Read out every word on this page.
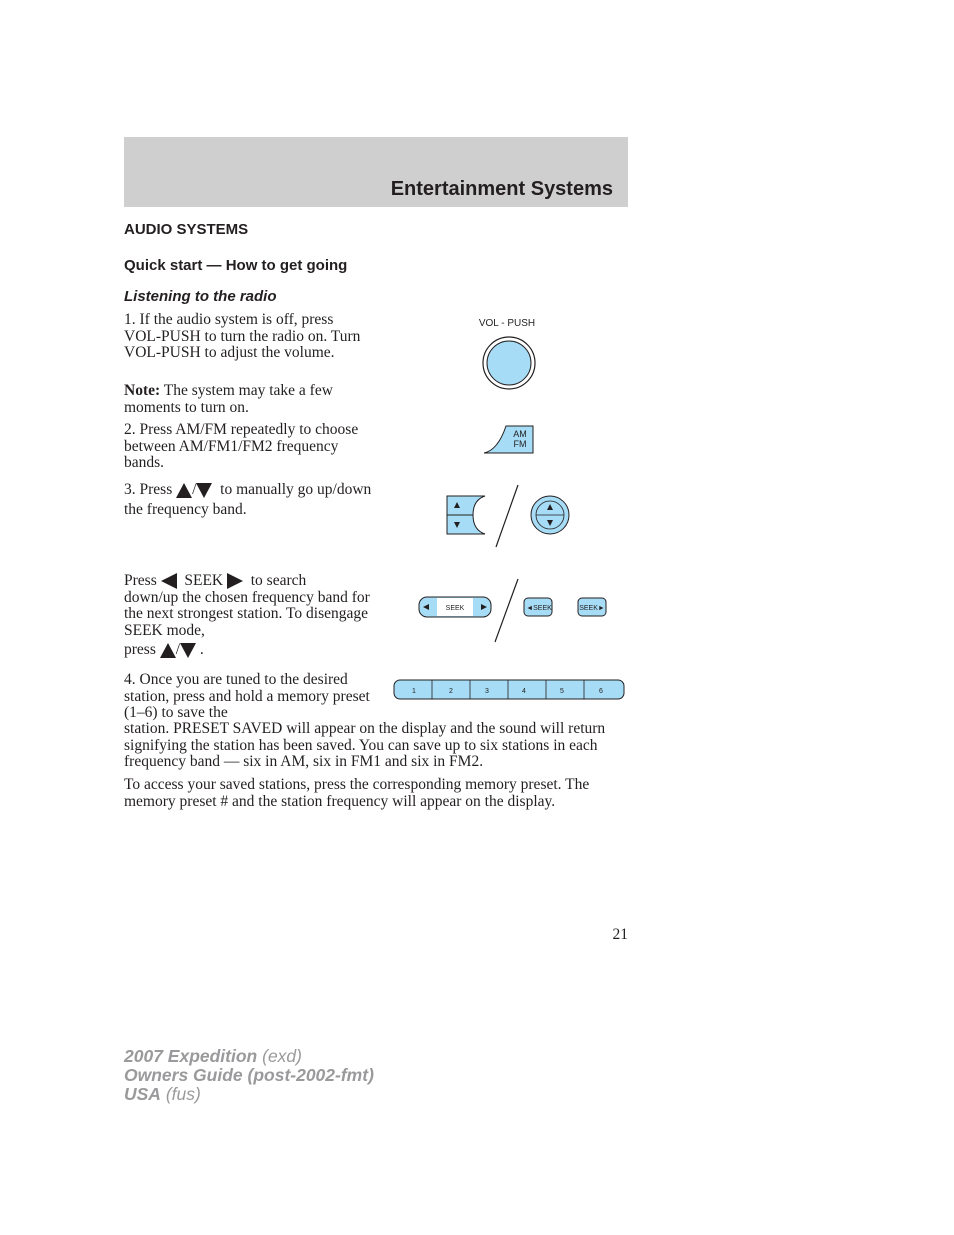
Entertainment Systems
AUDIO SYSTEMS
Quick start — How to get going
Listening to the radio
1. If the audio system is off, press VOL-PUSH to turn the radio on. Turn VOL-PUSH to adjust the volume.
Note: The system may take a few moments to turn on.
2. Press AM/FM repeatedly to choose between AM/FM1/FM2 frequency bands.
3. Press / to manually go up/down the frequency band.
Press SEEK to search
down/up the chosen frequency band for the next strongest station. To disengage SEEK mode,
press / .
4. Once you are tuned to the desired station, press and hold a memory preset (1–6) to save the
station. PRESET SAVED will appear on the display and the sound will return signifying the station has been saved. You can save up to six stations in each frequency band — six in AM, six in FM1 and six in FM2.
To access your saved stations, press the corresponding memory preset. The memory preset # and the station frequency will appear on the display.
VOL - PUSH
AM
FM
SEEK	◄SEEK	SEEK►
1	2	3	4	5	6
21
2007 Expedition (exd)
Owners Guide (post-2002-fmt)
USA (fus)
